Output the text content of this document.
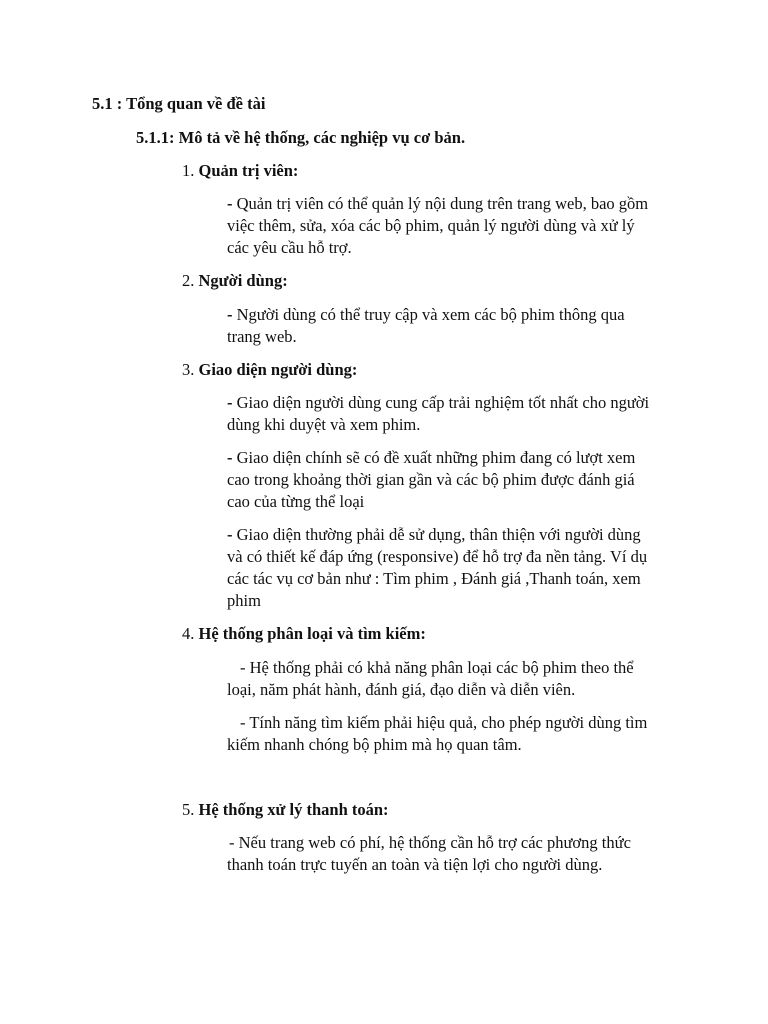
5.1 : Tổng quan về đề tài
5.1.1: Mô tả về hệ thống, các nghiệp vụ cơ bản.
1. Quản trị viên:
- Quản trị viên có thể quản lý nội dung trên trang web, bao gồm
việc thêm, sửa, xóa các bộ phim, quản lý người dùng và xử lý
các yêu cầu hỗ trợ.
2. Người dùng:
- Người dùng có thể truy cập và xem các bộ phim thông qua
trang web.
3. Giao diện người dùng:
- Giao diện người dùng cung cấp trải nghiệm tốt nhất cho người
dùng khi duyệt và xem phim.
- Giao diện chính sẽ có đề xuất những phim đang có lượt xem
cao trong khoảng thời gian gần và các bộ phim được đánh giá
cao của từng thể loại
- Giao diện thường phải dễ sử dụng, thân thiện với người dùng
và có thiết kế đáp ứng (responsive) để hỗ trợ đa nền tảng. Ví dụ
các tác vụ cơ bản như : Tìm phim , Đánh giá ,Thanh toán, xem
phim
4. Hệ thống phân loại và tìm kiếm:
- Hệ thống phải có khả năng phân loại các bộ phim theo thể
loại, năm phát hành, đánh giá, đạo diễn và diễn viên.
- Tính năng tìm kiếm phải hiệu quả, cho phép người dùng tìm
kiếm nhanh chóng bộ phim mà họ quan tâm.
5. Hệ thống xử lý thanh toán:
- Nếu trang web có phí, hệ thống cần hỗ trợ các phương thức
thanh toán trực tuyến an toàn và tiện lợi cho người dùng.
